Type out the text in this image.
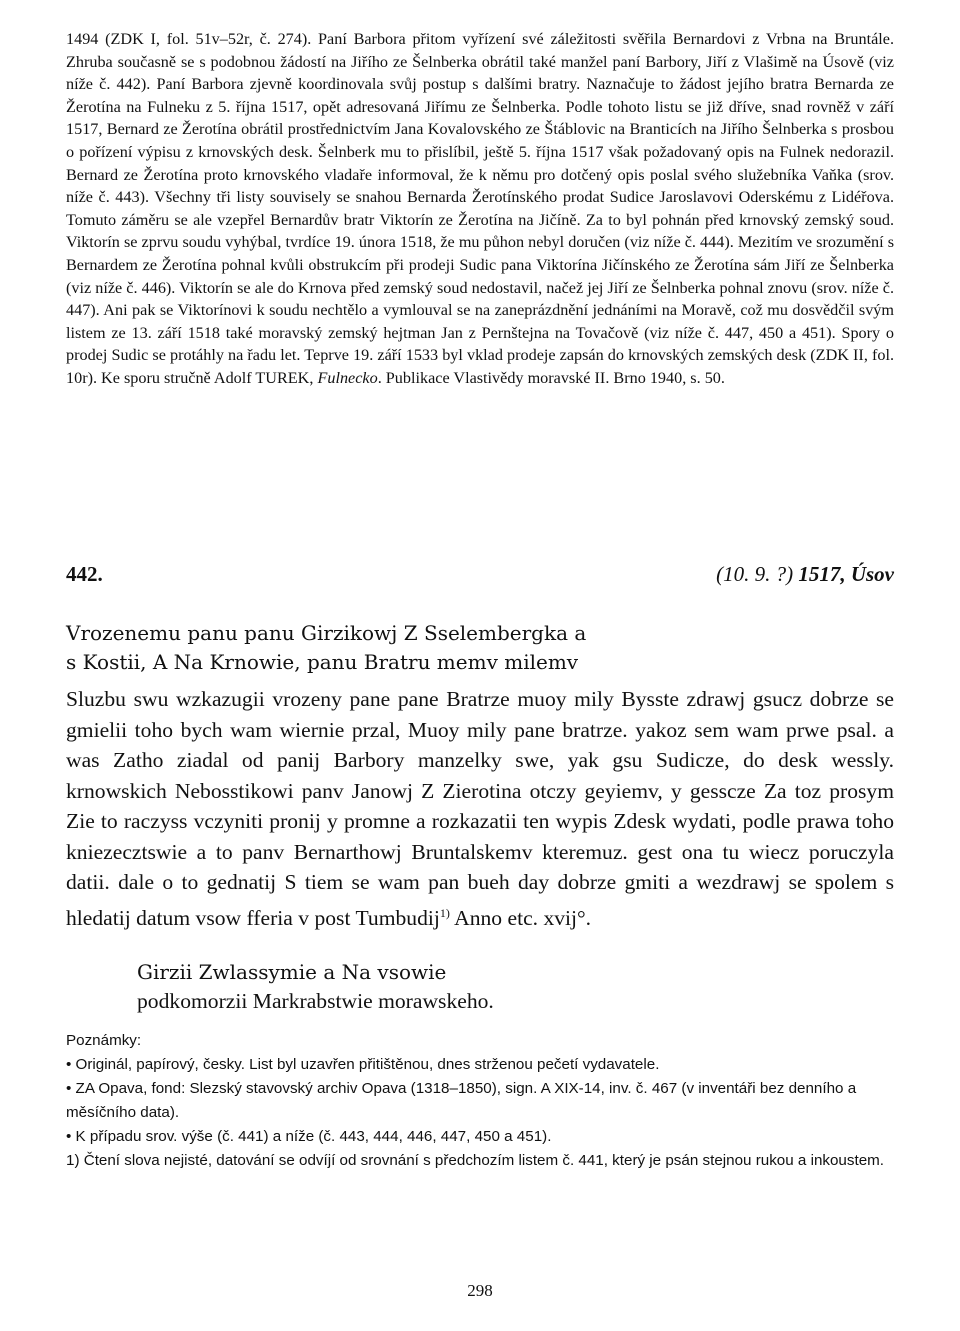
1494 (ZDK I, fol. 51v–52r, č. 274). Paní Barbora přitom vyřízení své záležitosti svěřila Bernardovi z Vrbna na Bruntále. Zhruba současně se s podobnou žádostí na Jiřího ze Šelnberka obrátil také manžel paní Barbory, Jiří z Vlašimě na Úsově (viz níže č. 442). Paní Barbora zjevně koordinovala svůj postup s dalšími bratry. Naznačuje to žádost jejího bratra Bernarda ze Žerotína na Fulneku z 5. října 1517, opět adresovaná Jiřímu ze Šelnberka. Podle tohoto listu se již dříve, snad rovněž v září 1517, Bernard ze Žerotína obrátil prostřednictvím Jana Kovalovského ze Štáblovic na Branticích na Jiřího Šelnberka s prosbou o pořízení výpisu z krnovských desk. Šelnberk mu to přislíbil, ještě 5. října 1517 však požadovaný opis na Fulnek nedorazil. Bernard ze Žerotína proto krnovského vladaře informoval, že k němu pro dotčený opis poslal svého služebníka Vaňka (srov. níže č. 443). Všechny tři listy souvisely se snahou Bernarda Žerotínského prodat Sudice Jaroslavovi Oderskému z Lidéřova. Tomuto záměru se ale vzepřel Bernardův bratr Viktorín ze Žerotína na Jičíně. Za to byl pohnán před krnovský zemský soud. Viktorín se zprvu soudu vyhýbal, tvrdíce 19. února 1518, že mu půhon nebyl doručen (viz níže č. 444). Mezitím ve srozumění s Bernardem ze Žerotína pohnal kvůli obstrukcím při prodeji Sudic pana Viktorína Jičínského ze Žerotína sám Jiří ze Šelnberka (viz níže č. 446). Viktorín se ale do Krnova před zemský soud nedostavil, načež jej Jiří ze Šelnberka pohnal znovu (srov. níže č. 447). Ani pak se Viktorínovi k soudu nechtělo a vymlouval se na zaneprázdnění jednáními na Moravě, což mu dosvědčil svým listem ze 13. září 1518 také moravský zemský hejtman Jan z Pernštejna na Tovačově (viz níže č. 447, 450 a 451). Spory o prodej Sudic se protáhly na řadu let. Teprve 19. září 1533 byl vklad prodeje zapsán do krnovských zemských desk (ZDK II, fol. 10r). Ke sporu stručně Adolf TUREK, Fulnecko. Publikace Vlastivědy moravské II. Brno 1940, s. 50.

442.	(10. 9. ?) 1517, Úsov

Vrozenemu panu panu Girzikowj Z Sselembergka a
s Kostii, A Na Krnowie, panu Bratru memv milemv

Sluzbu swu wzkazugii vrozeny pane pane Bratrze muoy mily Bysste zdrawj gsucz dobrze se gmielii toho bych wam wiernie przal, Muoy mily pane bratrze. yakoz sem wam prwe psal. a was Zatho ziadal od panij Barbory manzelky swe, yak gsu Sudicze, do desk wessly. krnowskich Nebosstikowi panv Janowj Z Zierotina otczy geyiemv, y gesscze Za toz prosym Zie to raczyss vczyniti pronij y promne a rozkazatii ten wypis Zdesk wydati, podle prawa toho kniezecztswie a to panv Bernarthowj Bruntalskemv kteremuz. gest ona tu wiecz poruczyla datii. dale o to gednatij S tiem se wam pan bueh day dobrze gmiti a wezdrawj se spolem s hledatij datum vsow fferia v post Tumbudij$^{1)}$ Anno etc. xvij°.

Girzii Zwlassymie a Na vsowie
podkomorzii Markrabstwie morawskeho.

Poznámky:

• Originál, papírový, česky. List byl uzavřen přitištěnou, dnes strženou pečetí vydavatele.

• ZA Opava, fond: Slezský stavovský archiv Opava (1318–1850), sign. A XIX-14, inv. č. 467 (v inventáři bez denního a měsíčního data).

• K případu srov. výše (č. 441) a níže (č. 443, 444, 446, 447, 450 a 451).

1) Čtení slova nejisté, datování se odvíjí od srovnání s předchozím listem č. 441, který je psán stejnou rukou a inkoustem.

298
